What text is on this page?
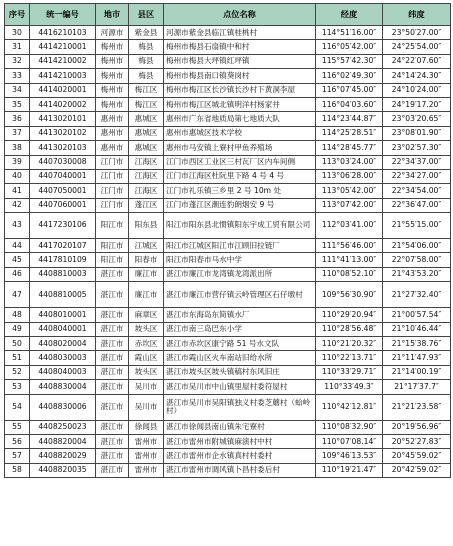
序号	统一编号	地市	县区	点位名称	经度	纬度
30	4416210103	河源市	紫金县	河源市紫金县临江镇桂桃村	114°51′16.00″	23°50′27.00″
31	4414210001	梅州市	梅县	梅州市梅县石扇镇中和村	116°05′42.00″	24°25′54.00″
32	4414210002	梅州市	梅县	梅州市梅县大坪镇红坪镇	115°57′42.30″	24°22′07.60″
33	4414210003	梅州市	梅县	梅州市梅县南口镇葵岗村	116°02′49.30″	24°14′24.30″
34	4414020001	梅州市	梅江区	梅州市梅江区长沙镇长沙村下黄洞李屋	116°07′45.00″	24°10′24.00″
35	4414020002	梅州市	梅江区	梅州市梅江区城北镇明洋村杨家井	116°04′03.60″	24°19′17.20″
36	4413020101	惠州市	惠城区	惠州市广东省地质局第七地质大队	114°23′44.87″	23°03′20.65″
37	4413020102	惠州市	惠城区	惠州市惠城区技术学校	114°25′28.51″	23°08′01.90″
38	4413020103	惠州市	惠城区	惠州市马安镇上寮村甲鱼养殖场	114°28′45.77″	23°02′57.30″
39	4407030008	江门市	江海区	江门市西区工业区三村瓦厂区内车间侧	113°03′24.00″	22°34′37.00″
40	4407040001	江门市	江海区	江门市江海区杜阮里下路 4 号 4 号	113°06′28.00″	22°34′27.00″
41	4407050001	江门市	江海区	江门市礼乐镇三乡里 2 号 10m 处	113°05′42.00″	22°34′54.00″
42	4407060001	江门市	蓬江区	江门市蓬江区潮连豹朗烟安 9 号	113°07′42.00″	22°36′47.00″
43	4417230106	阳江市	阳东县	阳江市阳东县北惯镇阳东宇成工贸有限公司	112°03′41.00″	21°55′15.00″
44	4417020107	阳江市	江城区	阳江市江城区阳江市江顾旧拉链厂	111°56′46.00″	21°54′06.00″
45	4417810109	阳江市	阳春市	阳江市阳春市马水中学	111°41′13.00″	22°07′58.00″
46	4408810003	湛江市	廉江市	湛江市廉江市龙湾镇龙湾派出所	110°08′52.10″	21°43′53.20″
47	4408810005	湛江市	廉江市	湛江市廉江市营仔镇云岭管理区石仔墩村	109°56′30.90″	21°27′32.40″
48	4408010001	湛江市	麻章区	湛江市东海岛东简镇水厂	110°29′20.94″	21°00′57.54″
49	4408040001	湛江市	坡头区	湛江市南三岛巴东小学	110°28′56.48″	21°10′46.44″
50	4408020004	湛江市	赤坎区	湛江市赤坎区康宁路 51 号水文队	110°21′20.32″	21°15′38.76″
51	4408030003	湛江市	霞山区	湛江市霞山区火车南站旧给水所	110°22′13.71″	21°11′47.93″
52	4408040003	湛江市	坡头区	湛江市坡头区坡头镇稿村东风旧庄	110°33′29.71″	21°14′00.19″
53	4408830004	湛江市	吴川市	湛江市吴川市中山镇里屋村委符屋村	110°33′49.3″	21°17′37.7″
54	4408830006	湛江市	吴川市	湛江市吴川市吴阳镇独义村委芝蘑村（蛤岭村）	110°42′12.81″	21°21′23.58″
55	4408250023	湛江市	徐闻县	湛江市徐闻县南山镇朱宅寮村	110°08′32.90″	20°19′56.96″
56	4408820004	湛江市	雷州市	湛江市雷州市附城镇麻演村中村	110°07′08.14″	20°52′27.83″
57	4408820029	湛江市	雷州市	湛江市雷州市企水镇真村村委村	109°46′13.53″	20°45′59.02″
58	4408820035	湛江市	雷州市	湛江市雷州市调风镇卜昌村委后村	110°19′21.47″	20°42′59.02″
